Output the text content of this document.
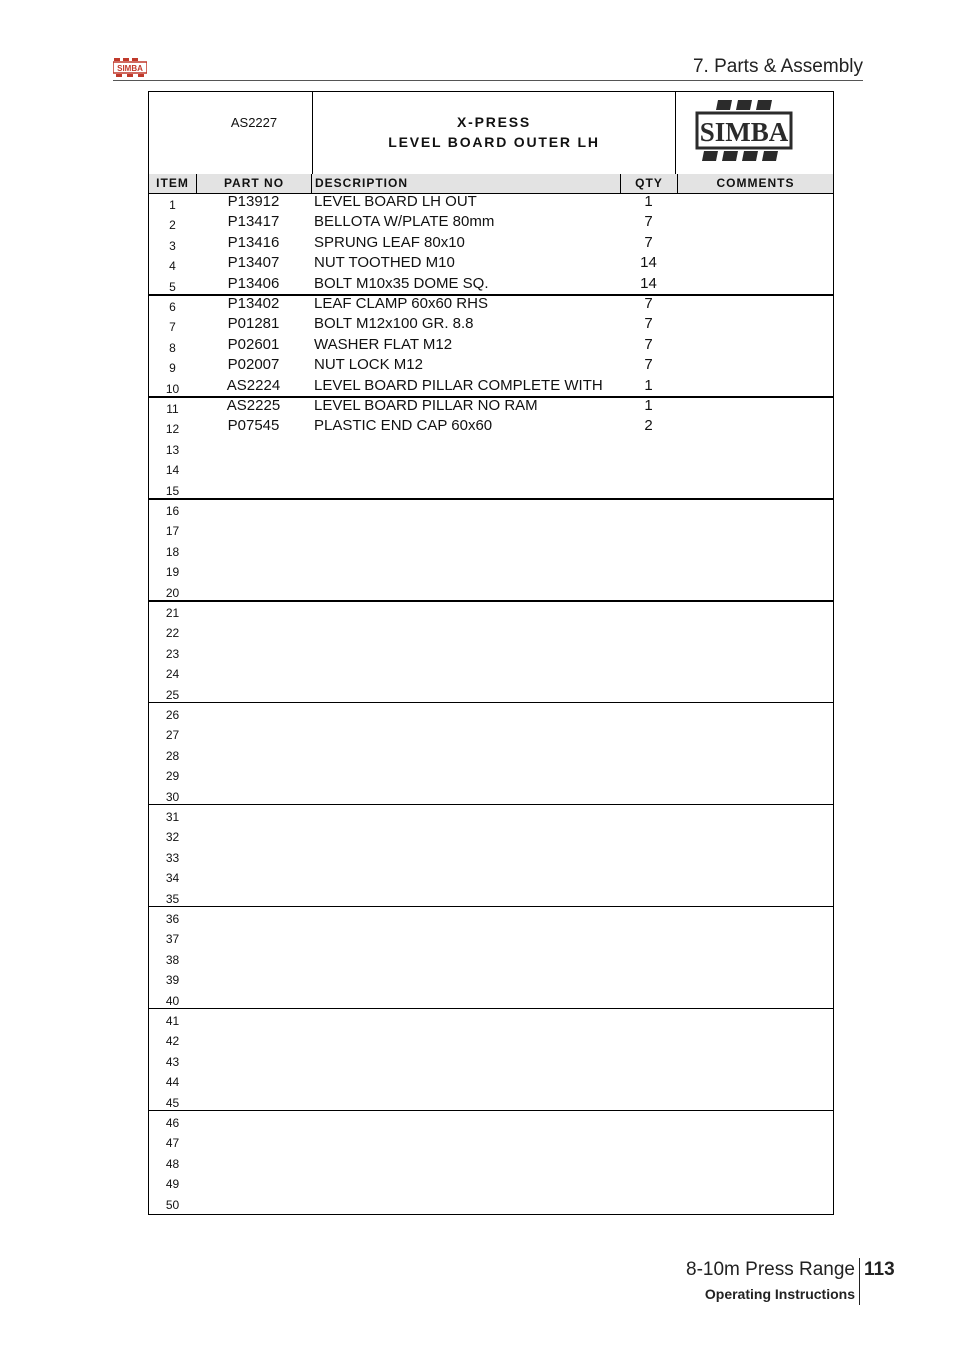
SIMBA	7. Parts & Assembly
AS2227	X-PRESS
LEVEL BOARD OUTER LH	SIMBA
ITEM	PART NO	DESCRIPTION	QTY	COMMENTS
1	P13912	LEVEL BOARD LH OUT	1
2	P13417	BELLOTA W/PLATE 80mm	7
3	P13416	SPRUNG LEAF 80x10	7
4	P13407	NUT TOOTHED M10	14
5	P13406	BOLT M10x35 DOME SQ.	14
6	P13402	LEAF CLAMP 60x60 RHS	7
7	P01281	BOLT M12x100 GR. 8.8	7
8	P02601	WASHER FLAT M12	7
9	P02007	NUT LOCK M12	7
10	AS2224	LEVEL BOARD PILLAR COMPLETE WITH	1
11	AS2225	LEVEL BOARD PILLAR NO RAM	1
12	P07545	PLASTIC END CAP 60x60	2
13
14
15
16
17
18
19
20
21
22
23
24
25
26
27
28
29
30
31
32
33
34
35
36
37
38
39
40
41
42
43
44
45
46
47
48
49
50
8-10m Press Range
Operating Instructions
113
